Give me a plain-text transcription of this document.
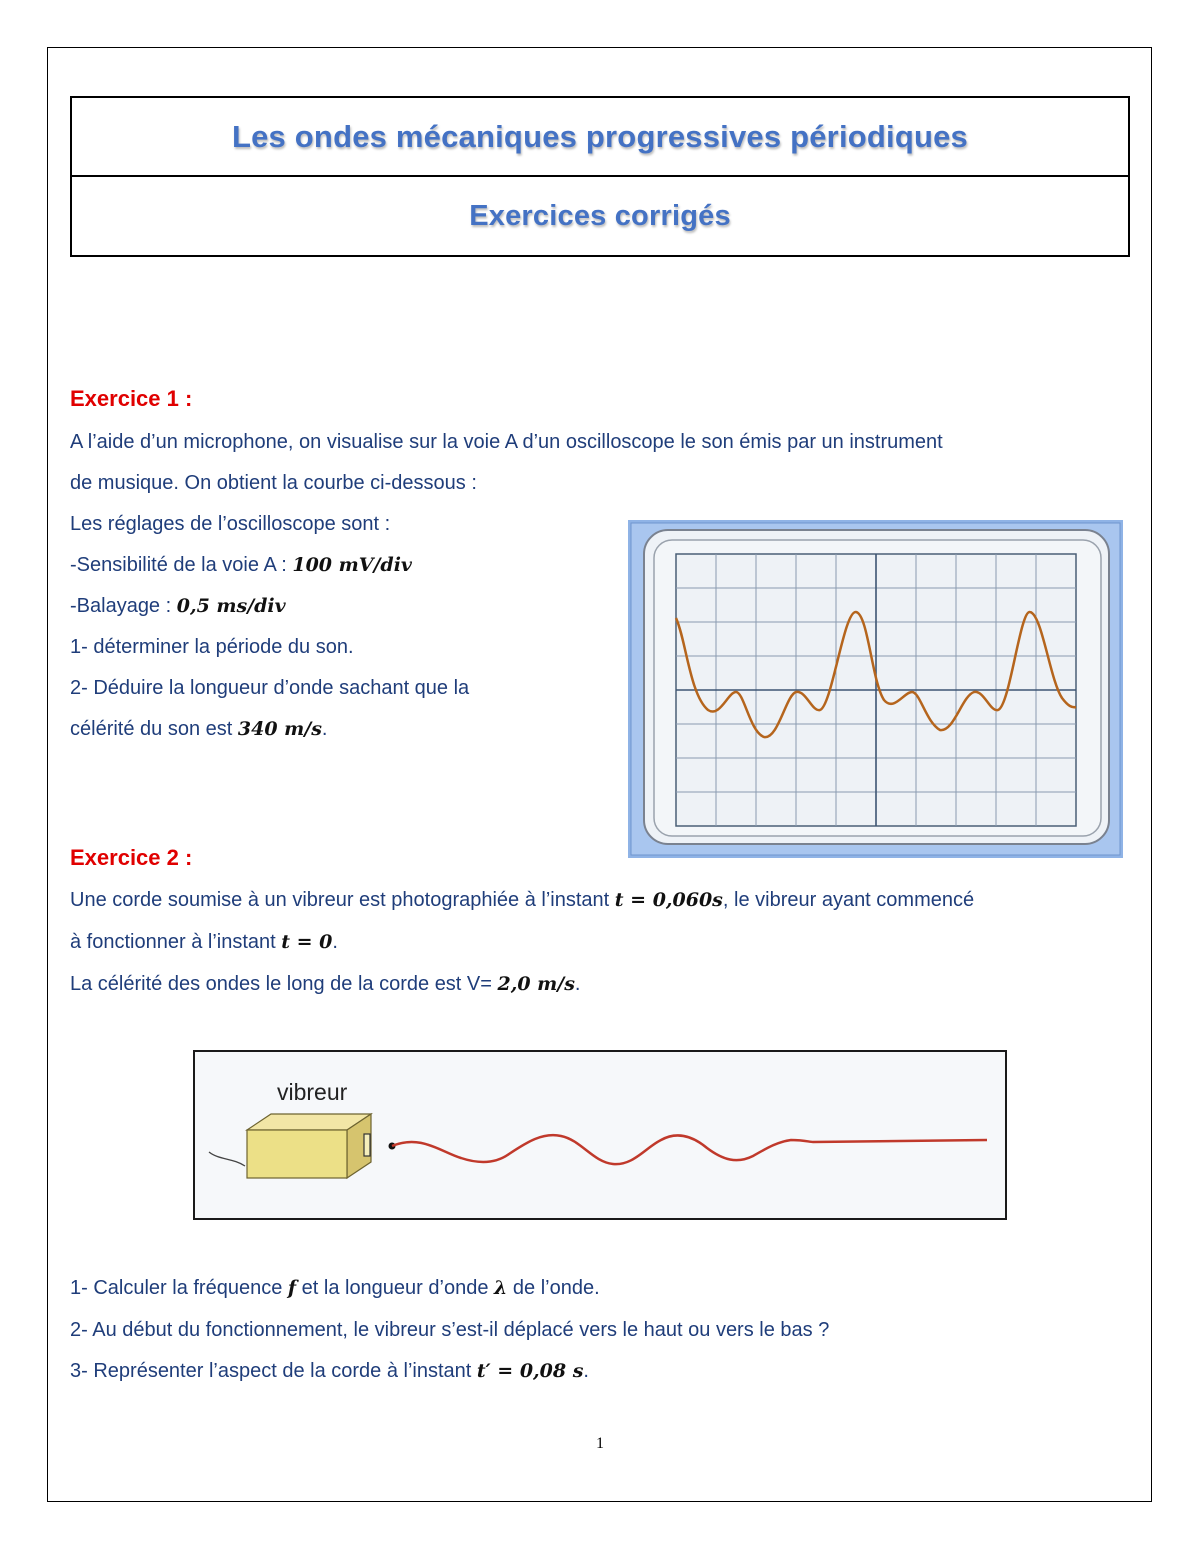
Les ondes mécaniques progressives périodiques
Exercices corrigés
Exercice 1 :
A l’aide d’un microphone, on visualise sur la voie A d’un oscilloscope le son émis par un instrument
de musique. On obtient la courbe ci-dessous :
Les réglages de l’oscilloscope sont :
-Sensibilité de la voie A : 100 mV/div
-Balayage : 0,5 ms/div
1- déterminer la période du son.
2- Déduire la longueur d’onde sachant que la
célérité du son est 340 m/s.
Exercice 2 :
Une corde soumise à un vibreur est photographiée à l’instant t = 0,060s, le vibreur ayant commencé
à fonctionner à l’instant t = 0.
La célérité des ondes le long de la corde est V= 2,0 m/s.
vibreur
1- Calculer la fréquence f et la longueur d’onde λ de l’onde.
2- Au début du fonctionnement, le vibreur s’est-il déplacé vers le haut ou vers le bas ?
3- Représenter l’aspect de la corde à l’instant t′ = 0,08 s.
1
